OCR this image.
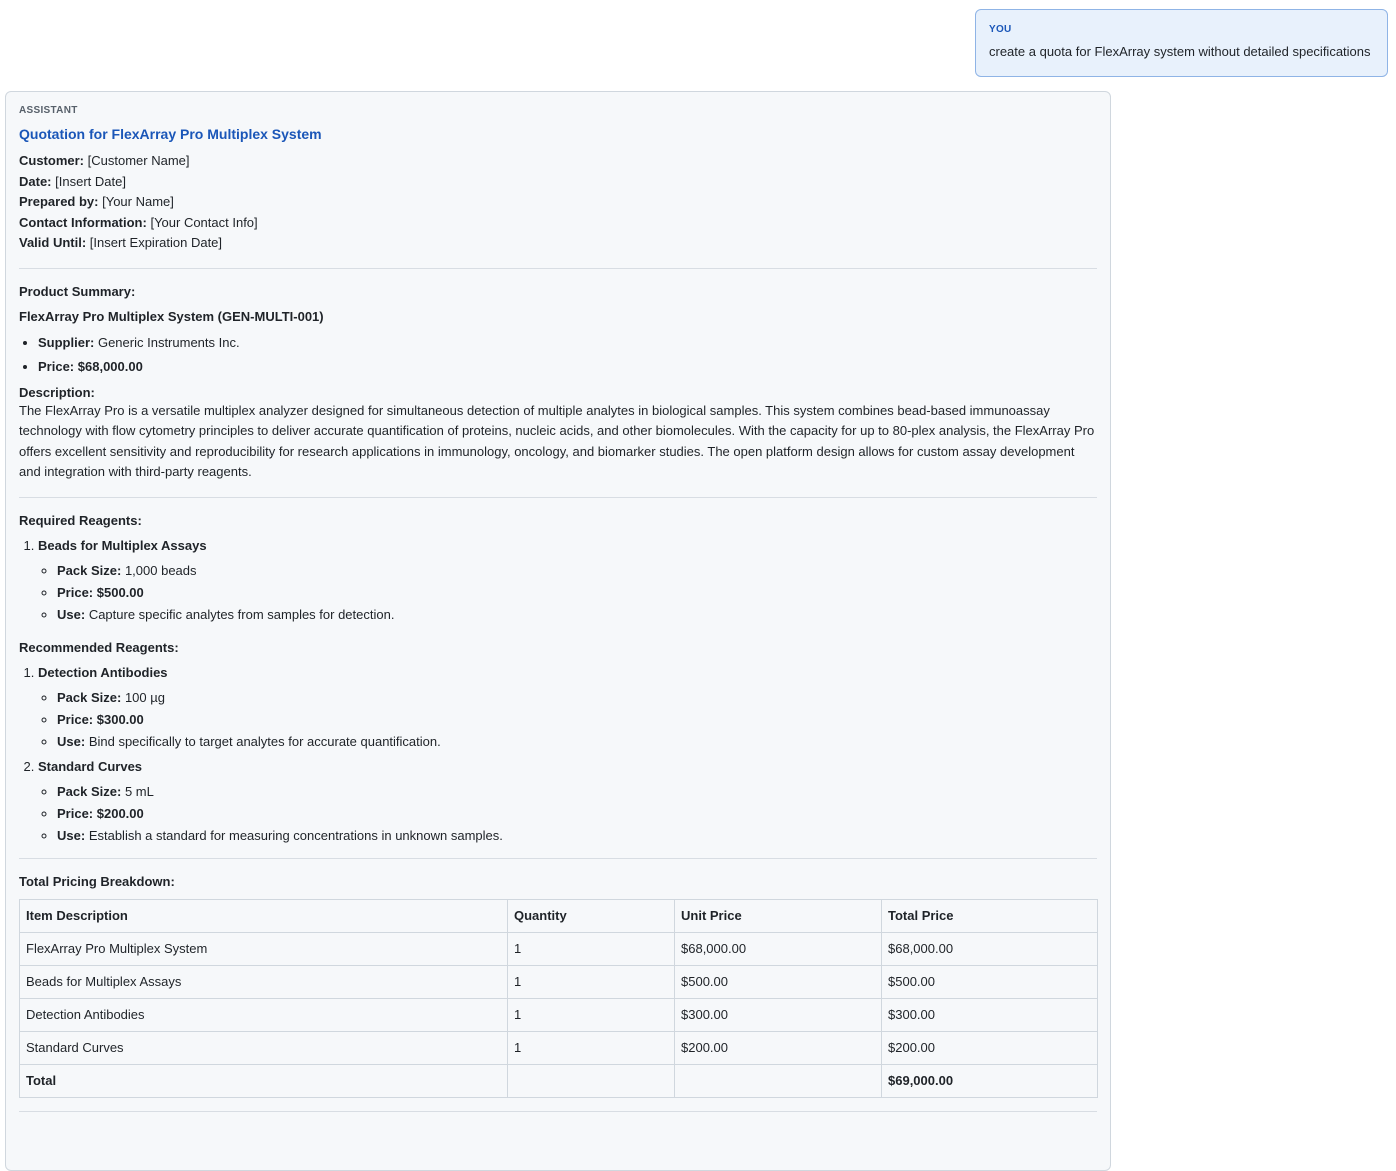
YOU
create a quota for FlexArray system without detailed specifications
ASSISTANT
Quotation for FlexArray Pro Multiplex System
Customer: [Customer Name]
Date: [Insert Date]
Prepared by: [Your Name]
Contact Information: [Your Contact Info]
Valid Until: [Insert Expiration Date]
Product Summary:
FlexArray Pro Multiplex System (GEN-MULTI-001)
• Supplier: Generic Instruments Inc.
• Price: $68,000.00
Description:
The FlexArray Pro is a versatile multiplex analyzer designed for simultaneous detection of multiple analytes in biological samples. This system combines bead-based immunoassay technology with flow cytometry principles to deliver accurate quantification of proteins, nucleic acids, and other biomolecules. With the capacity for up to 80-plex analysis, the FlexArray Pro offers excellent sensitivity and reproducibility for research applications in immunology, oncology, and biomarker studies. The open platform design allows for custom assay development and integration with third-party reagents.
Required Reagents:
1. Beads for Multiplex Assays
◦ Pack Size: 1,000 beads
◦ Price: $500.00
◦ Use: Capture specific analytes from samples for detection.
Recommended Reagents:
1. Detection Antibodies
◦ Pack Size: 100 µg
◦ Price: $300.00
◦ Use: Bind specifically to target analytes for accurate quantification.
2. Standard Curves
◦ Pack Size: 5 mL
◦ Price: $200.00
◦ Use: Establish a standard for measuring concentrations in unknown samples.
Total Pricing Breakdown:
Item Description	Quantity	Unit Price	Total Price
FlexArray Pro Multiplex System	1	$68,000.00	$68,000.00
Beads for Multiplex Assays	1	$500.00	$500.00
Detection Antibodies	1	$300.00	$300.00
Standard Curves	1	$200.00	$200.00
Total			$69,000.00
